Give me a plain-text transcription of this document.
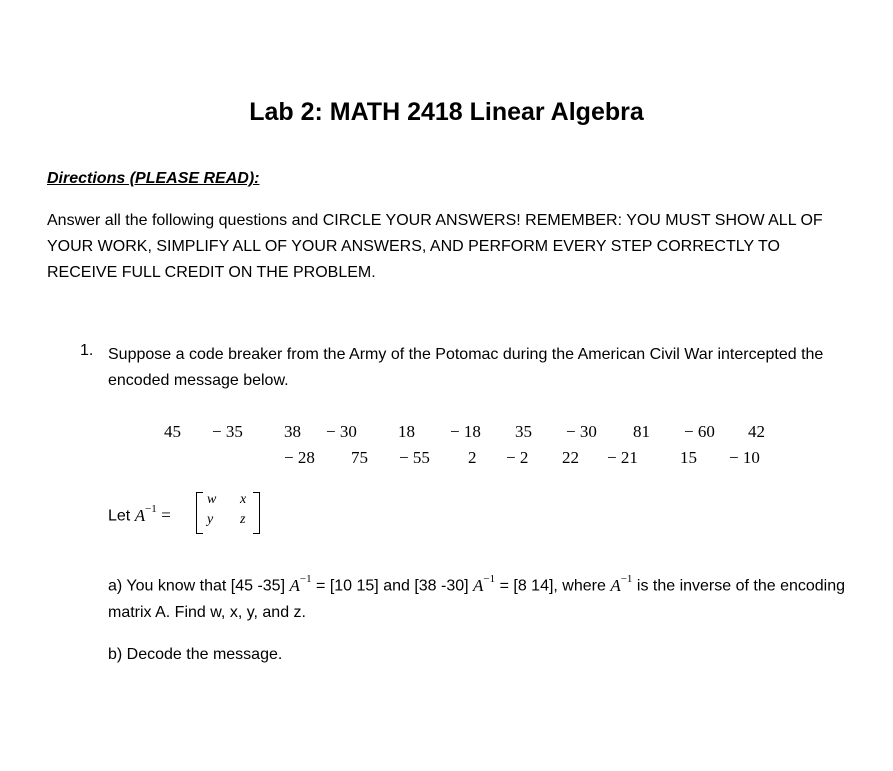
Lab 2: MATH 2418 Linear Algebra
Directions (PLEASE READ):
Answer all the following questions and CIRCLE YOUR ANSWERS! REMEMBER: YOU MUST SHOW ALL OF YOUR WORK, SIMPLIFY ALL OF YOUR ANSWERS, AND PERFORM EVERY STEP CORRECTLY TO RECEIVE FULL CREDIT ON THE PROBLEM.
1. Suppose a code breaker from the Army of the Potomac during the American Civil War intercepted the encoded message below.
45 − 35 38 − 30 18 − 18 35 − 30 81 − 60 42
− 28 75 − 55 2 − 2 22 − 21 15 − 10
Let $A^{-1}$ =
w x
y z
a) You know that [45 -35] $A^{-1} = [10$ 15] and [38 -30] $A^{-1} = [8$ 14], where $A^{-1}$ is the inverse of the encoding matrix A. Find w, x, y, and z.
b) Decode the message.
